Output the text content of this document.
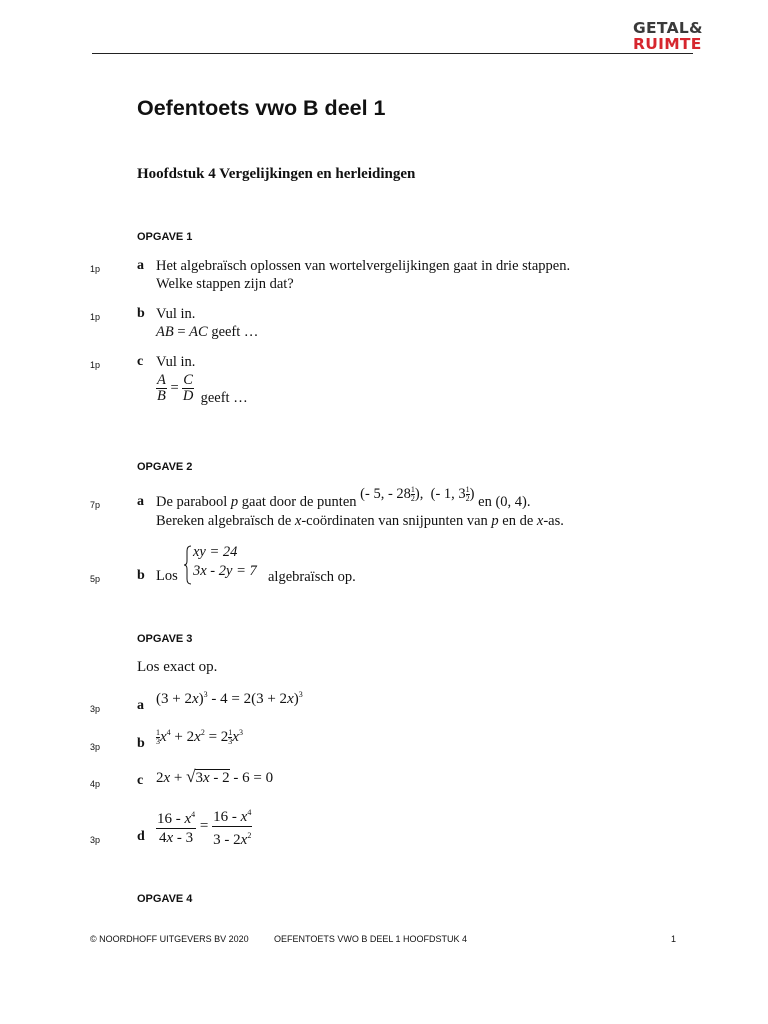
GETAL&
RUIMTE
Oefentoets vwo B deel 1
Hoofdstuk 4 Vergelijkingen en herleidingen
OPGAVE 1
1p	a Het algebraïsch oplossen van wortelvergelijkingen gaat in drie stappen.
Welke stappen zijn dat?
1p	b Vul in.
AB = AC geeft …
1p	c Vul in.
$\frac{A}{B} = \frac{C}{D}$ geeft …
OPGAVE 2
7p	a De parabool p gaat door de punten (- 5, - $28 \frac{1}{2}$), (- 1, $3 \frac{1}{2}$) en (0, 4).
Bereken algebraïsch de x-coördinaten van snijpunten van p en de x-as.
5p	b Los
xy = 24
3x - 2y = 7 algebraïsch op.
OPGAVE 3
Los exact op.
3p	a $(3 + 2x)^3 - 4 = 2(3 + 2x)^3$
3p	b $\frac{1}{3}x^4 + 2x^2 = 2 \frac{1}{3}x^3$
4p	c 2x + √3x - 2 - 6 = 0
3p	d $\frac{16 - x^4}{4x - 3} = \frac{16 - x^4}{3 - 2x^2}$
OPGAVE 4
© NOORDHOFF UITGEVERS BV 2020	OEFENTOETS VWO B DEEL 1 HOOFDSTUK 4	1
